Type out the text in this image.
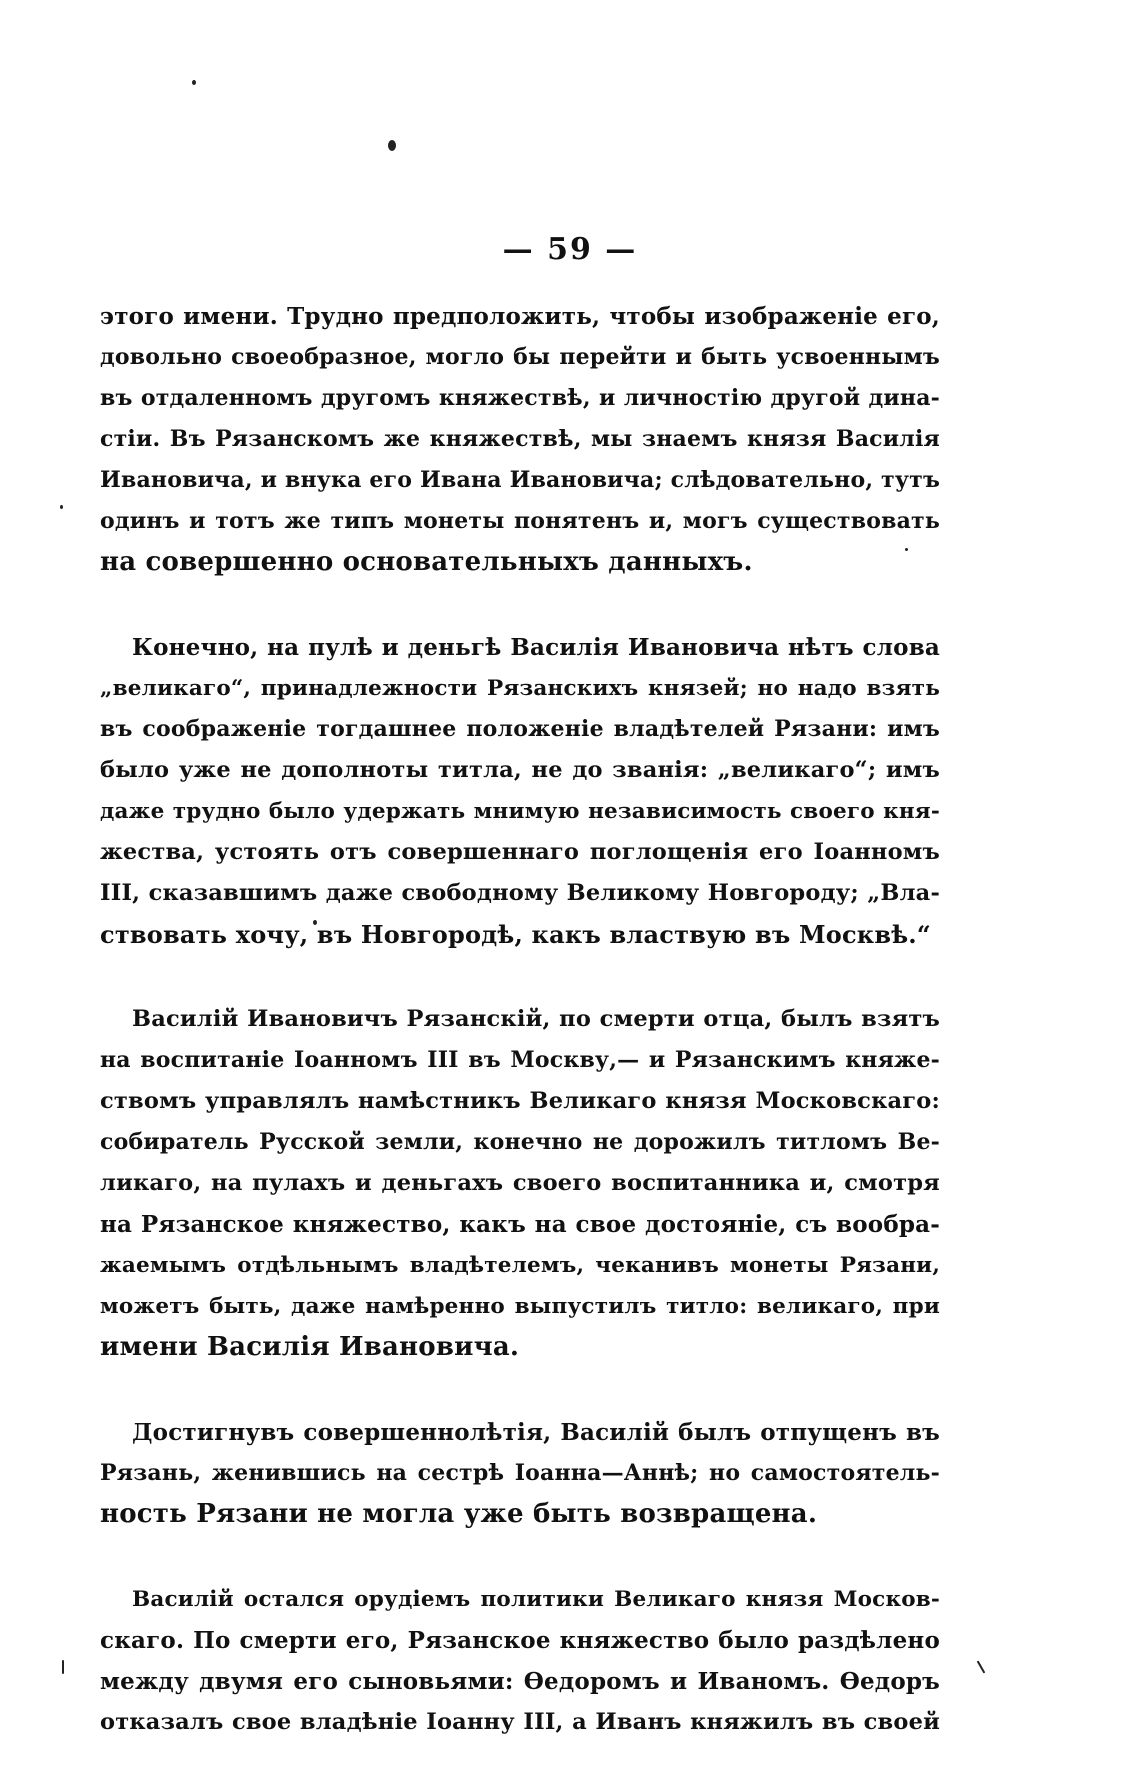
— 59 —

этого имени. Трудно предположить, чтобы изображенiе его,
довольно своеобразное, могло бы перейти и быть усвоеннымъ
въ отдаленномъ другомъ княжествѣ, и личностiю другой дина-
стiи. Въ Рязанскомъ же княжествѣ, мы знаемъ князя Василiя
Ивановича, и внука его Ивана Ивановича; слѣдовательно, тутъ
одинъ и тотъ же типъ монеты понятенъ и, могъ существовать
на совершенно основательныхъ данныхъ.

Конечно, на пулѣ и деньгѣ Василiя Ивановича нѣтъ слова
„великаго“, принадлежности Рязанскихъ князей; но надо взять
въ соображенiе тогдашнее положенiе владѣтелей Рязани: имъ
было уже не дополноты титла, не до званiя: „великаго“; имъ
даже трудно было удержать мнимую независимость своего кня-
жества, устоять отъ совершеннаго поглощенiя его Iоанномъ
III, сказавшимъ даже свободному Великому Новгороду; „Вла-
ствовать хочу, въ Новгородѣ, какъ властвую въ Москвѣ.“

Василiй Ивановичъ Рязанскiй, по смерти отца, былъ взятъ
на воспитанiе Iоанномъ III въ Москву,— и Рязанскимъ княже-
ствомъ управлялъ намѣстникъ Великаго князя Московскаго:
собиратель Русской земли, конечно не дорожилъ титломъ Ве-
ликаго, на пулахъ и деньгахъ своего воспитанника и, смотря
на Рязанское княжество, какъ на свое достоянiе, съ вообра-
жаемымъ отдѣльнымъ владѣтелемъ, чеканивъ монеты Рязани,
можетъ быть, даже намѣренно выпустилъ титло: великаго, при
имени Василiя Ивановича.

Достигнувъ совершеннолѣтiя, Василiй былъ отпущенъ въ
Рязань, женившись на сестрѣ Iоанна—Аннѣ; но самостоятель-
ность Рязани не могла уже быть возвращена.

Василiй остался орудiемъ политики Великаго князя Москов-
скаго. По смерти его, Рязанское княжество было раздѣлено
между двумя его сыновьями: Ѳедоромъ и Иваномъ. Ѳедоръ
отказалъ свое владѣнiе Iоанну III, а Иванъ княжилъ въ своей
